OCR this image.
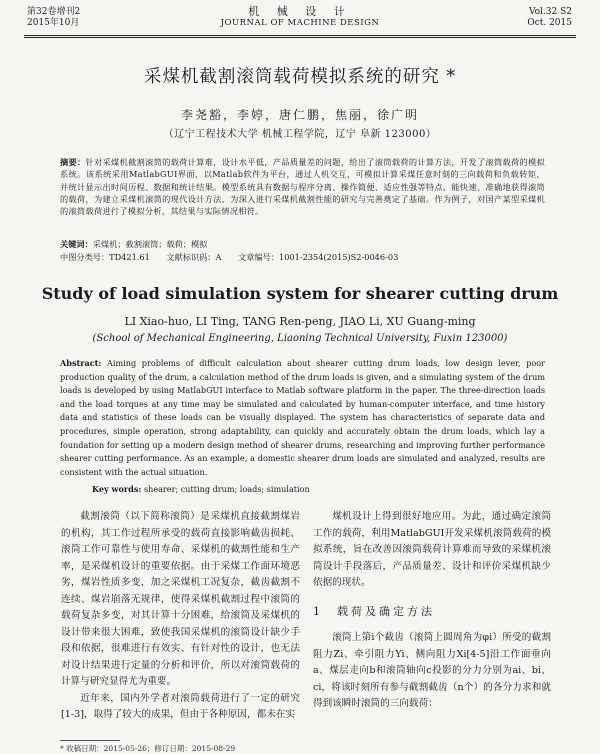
第32卷增刊2
2015年10月
机 械 设 计
JOURNAL OF MACHINE DESIGN
Vol.32 S2
Oct. 2015
采煤机截割滚筒载荷模拟系统的研究 *
李尧豁，李婷，唐仁鹏，焦丽，徐广明
（辽宁工程技术大学 机械工程学院，辽宁 阜新 123000）
摘要：针对采煤机截割滚筒的载荷计算难，设计水平低，产品质量差的问题，给出了滚筒载荷的计算方法，开发了滚筒载荷的模拟系统。该系统采用MatlabGUI界面，以Matlab软件为平台，通过人机交互，可模拟计算采煤任意时刻的三向载荷和负载转矩，并统计显示出时间历程、数据和统计结果。模型系统具有数据与程序分离、操作简便、适应性强等特点，能快速、准确地获得滚筒的载荷，为建立采煤机滚筒的现代设计方法、为深入进行采煤机截割性能的研究与完善奠定了基础。作为例子，对国产某型采煤机的滚筒载荷进行了模拟分析，其结果与实际情况相符。
关键词：采煤机；截割滚筒；载荷；模拟
中图分类号：TD421.61 文献标识码：A 文章编号：1001-2354(2015)S2-0046-03
Study of load simulation system for shearer cutting drum
LI Xiao-huo, LI Ting, TANG Ren-peng, JIAO Li, XU Guang-ming
(School of Mechanical Engineering, Liaoning Technical University, Fuxin 123000)
Abstract: Aiming problems of difficult calculation about shearer cutting drum loads, low design lever, poor production quality of the drum, a calculation method of the drum loads is given, and a simulating system of the drum loads is developed by using MatlabGUI interface to Matlab software platform in the paper. The three-direction loads and the load torques at any time may be simulated and calculated by human-computer interface, and time history data and statistics of these loads can be visually displayed. The system has characteristics of separate data and procedures, simple operation, strong adaptability, can quickly and accurately obtain the drum loads, which lay a foundation for setting up a modern design method of shearer drums, researching and improving further performance shearer cutting performance. As an example, a domestic shearer drum loads are simulated and analyzed, results are consistent with the actual situation.
Key words: shearer; cutting drum; loads; simulation

截割滚筒（以下简称滚筒）是采煤机直接截割煤岩的机构，其工作过程所承受的载荷直接影响截齿损耗、滚筒工作可靠性与使用寿命、采煤机的截割性能和生产率，是采煤机设计的重要依据。由于采煤工作面环境恶劣，煤岩性质多变，加之采煤机工况复杂，截齿截割不连续、煤岩崩落无规律，使得采煤机截割过程中滚筒的载荷复杂多变，对其计算十分困难，给滚筒及采煤机的设计带来很大困难，致使我国采煤机的滚筒设计缺少手段和依据，很难进行有效实、有针对性的设计，也无法对设计结果进行定量的分析和评价，所以对滚筒载荷的计算与研究显得尤为重要。

近年来，国内外学者对滚筒载荷进行了一定的研究[1-3]，取得了较大的成果，但由于各种原因，都未在实

煤机设计上得到很好地应用。为此，通过确定滚筒工作的载荷，利用MatlabGUI开发采煤机滚筒载荷的模拟系统，旨在改善因滚筒载荷计算难而导致的采煤机滚筒设计手段落后，产品质量差、设计和评价采煤机缺少依据的现状。

1 载荷及确定方法

滚筒上第i个截齿（滚筒上圆周角为φi）所受的截割阻力Zi、牵引阻力Yi、侧向阻力Xi[4-5]沿工作面垂向a、煤层走向b和滚筒轴向c投影的分力分别为ai、bi、ci，将该时刻所有参与截割截齿（n个）的各分力求和就得到该瞬时滚筒的三向载荷：

* 收稿日期：2015-05-26；修订日期：2015-08-29
